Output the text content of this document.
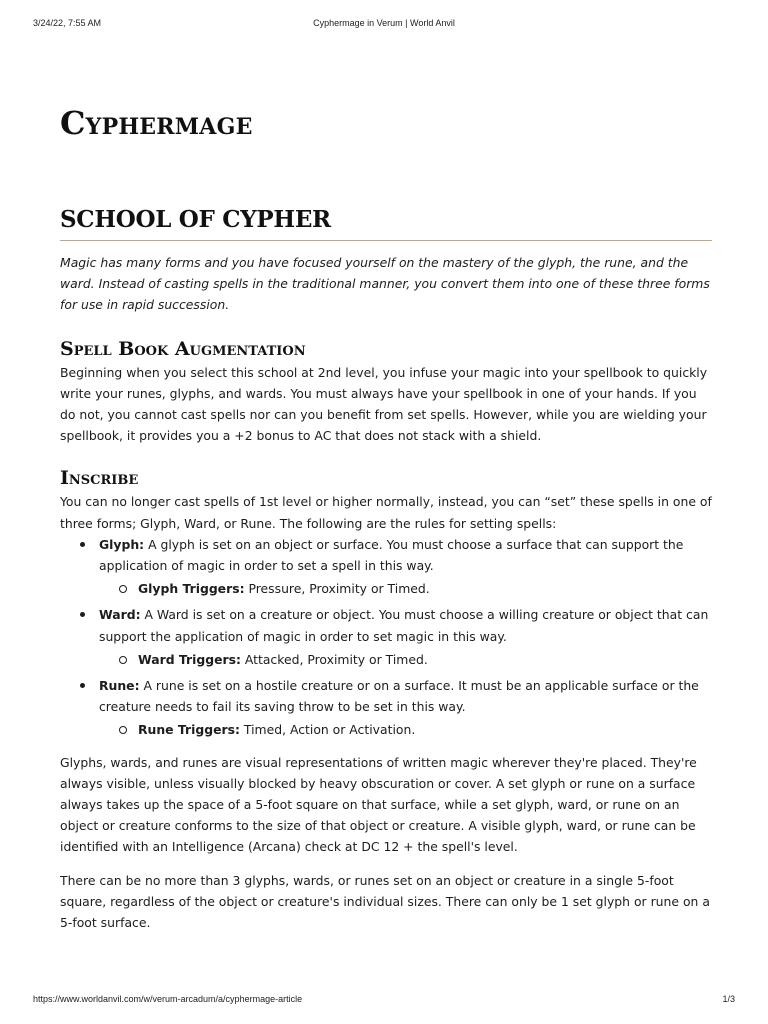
3/24/22, 7:55 AM	Cyphermage in Verum | World Anvil
Cyphermage
SCHOOL OF CYPHER

Magic has many forms and you have focused yourself on the mastery of the glyph, the rune, and the ward. Instead of casting spells in the traditional manner, you convert them into one of these three forms for use in rapid succession.

Spell Book Augmentation

Beginning when you select this school at 2nd level, you infuse your magic into your spellbook to quickly write your runes, glyphs, and wards. You must always have your spellbook in one of your hands. If you do not, you cannot cast spells nor can you benefit from set spells. However, while you are wielding your spellbook, it provides you a +2 bonus to AC that does not stack with a shield.

Inscribe

You can no longer cast spells of 1st level or higher normally, instead, you can “set” these spells in one of three forms; Glyph, Ward, or Rune. The following are the rules for setting spells:

Glyph: A glyph is set on an object or surface. You must choose a surface that can support the application of magic in order to set a spell in this way.
Glyph Triggers: Pressure, Proximity or Timed.
Ward: A Ward is set on a creature or object. You must choose a willing creature or object that can support the application of magic in order to set magic in this way.
Ward Triggers: Attacked, Proximity or Timed.
Rune: A rune is set on a hostile creature or on a surface. It must be an applicable surface or the creature needs to fail its saving throw to be set in this way.
Rune Triggers: Timed, Action or Activation.

Glyphs, wards, and runes are visual representations of written magic wherever they're placed. They're always visible, unless visually blocked by heavy obscuration or cover. A set glyph or rune on a surface always takes up the space of a 5-foot square on that surface, while a set glyph, ward, or rune on an object or creature conforms to the size of that object or creature. A visible glyph, ward, or rune can be identified with an Intelligence (Arcana) check at DC 12 + the spell's level.

There can be no more than 3 glyphs, wards, or runes set on an object or creature in a single 5-foot square, regardless of the object or creature's individual sizes. There can only be 1 set glyph or rune on a 5-foot surface.

https://www.worldanvil.com/w/verum-arcadum/a/cyphermage-article	1/3
